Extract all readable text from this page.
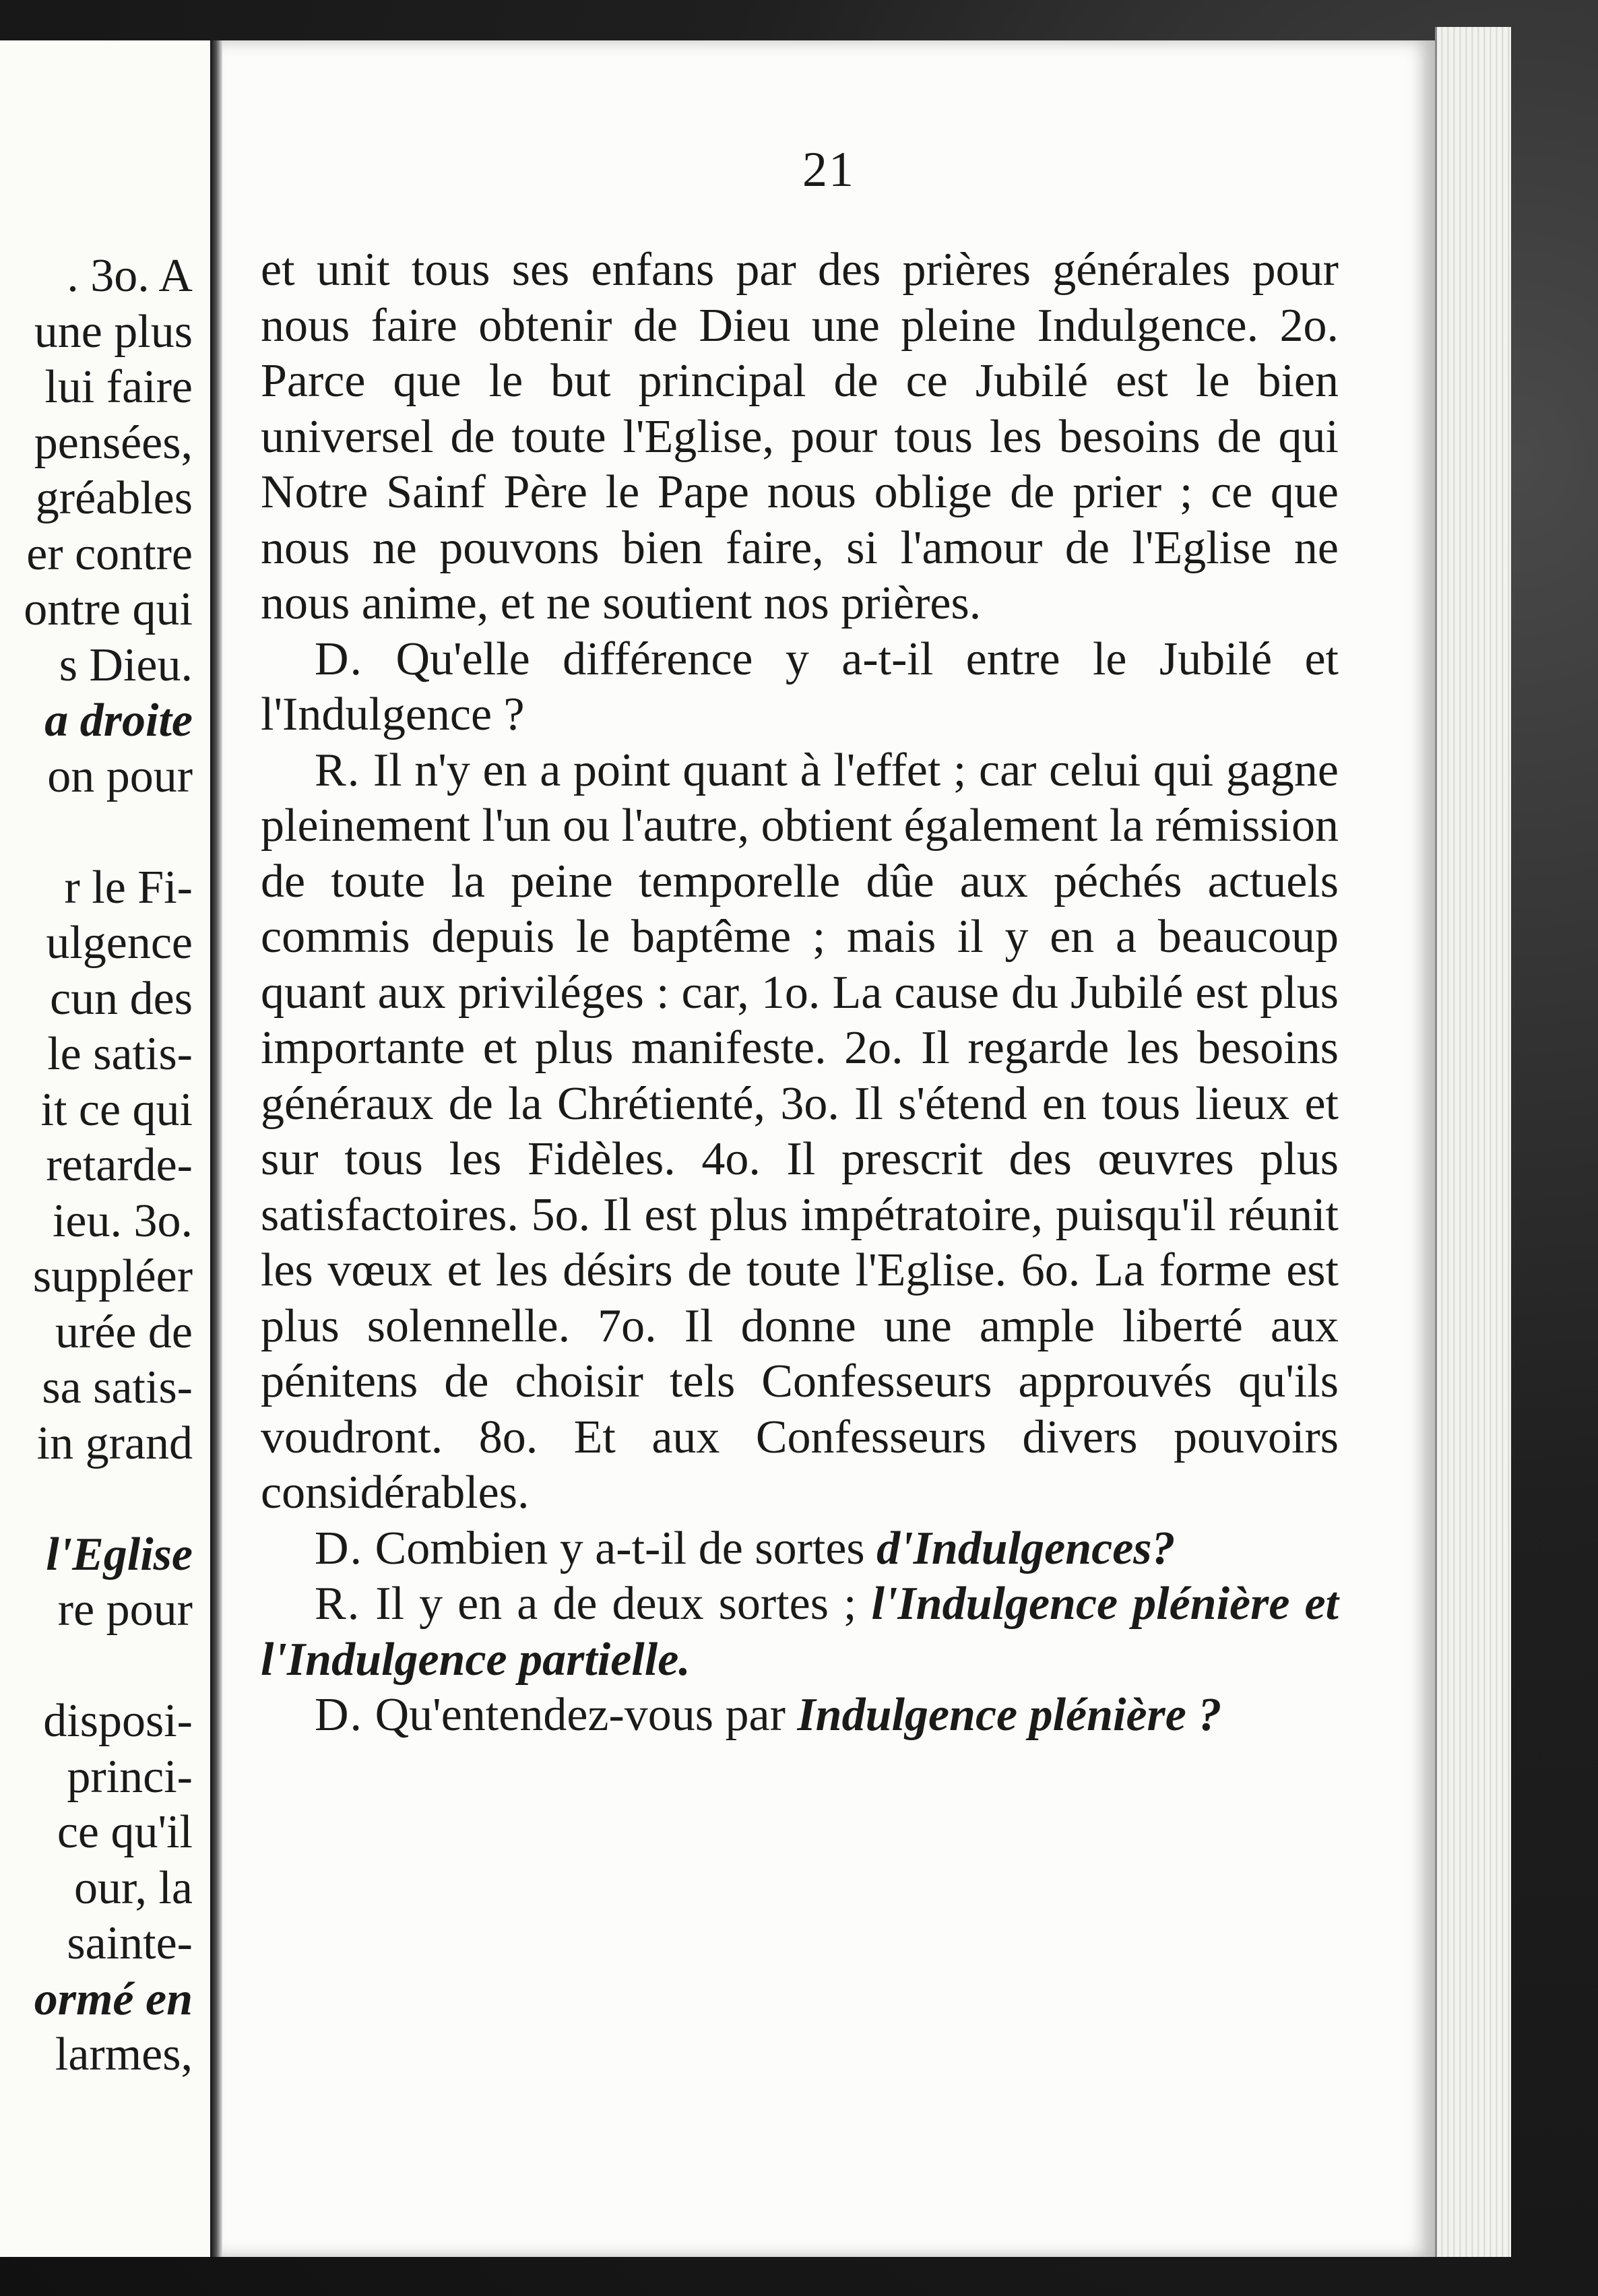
. 3o. A
une plus
lui faire
pensées,
gréables
er contre
ontre qui
s Dieu.
a droite
on pour
r le Fi-
ulgence
cun des
le satis-
it ce qui
retarde-
ieu. 3o.
suppléer
urée de
sa satis-
in grand
l'Eglise
re pour
disposi-
princi-
ce qu'il
our, la
sainte-
ormé en
larmes,
21

et unit tous ses enfans par des prières générales pour nous faire obtenir de Dieu une pleine Indulgence. 2o. Parce que le but principal de ce Jubilé est le bien universel de toute l'Eglise, pour tous les besoins de qui Notre Sainf Père le Pape nous oblige de prier ; ce que nous ne pouvons bien faire, si l'amour de l'Eglise ne nous anime, et ne soutient nos prières.

D. Qu'elle différence y a-t-il entre le Jubilé et l'Indulgence ?

R. Il n'y en a point quant à l'effet ; car celui qui gagne pleinement l'un ou l'autre, obtient également la rémission de toute la peine temporelle dûe aux péchés actuels commis depuis le baptême ; mais il y en a beaucoup quant aux priviléges : car, 1o. La cause du Jubilé est plus importante et plus manifeste. 2o. Il regarde les besoins généraux de la Chrétienté, 3o. Il s'étend en tous lieux et sur tous les Fidèles. 4o. Il prescrit des œuvres plus satisfactoires. 5o. Il est plus impétratoire, puisqu'il réunit les vœux et les désirs de toute l'Eglise. 6o. La forme est plus solennelle. 7o. Il donne une ample liberté aux pénitens de choisir tels Confesseurs approuvés qu'ils voudront. 8o. Et aux Confesseurs divers pouvoirs considérables.

D. Combien y a-t-il de sortes d'Indulgences?

R. Il y en a de deux sortes ; l'Indulgence plénière et l'Indulgence partielle.

D. Qu'entendez-vous par Indulgence plénière ?
